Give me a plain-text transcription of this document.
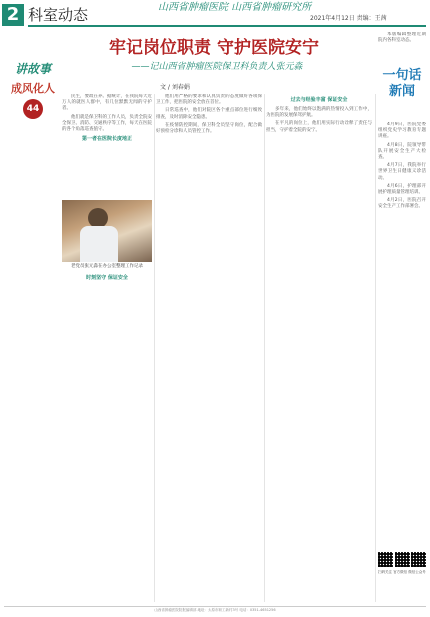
2 科室动态	山西省肿瘤医院 山西省肿瘤研究所
2021年4月12日 责编：王茜
讲故事
成风化人
44
牢记岗位职责 守护医院安宁
——记山西省肿瘤医院保卫科负责人张元淼
文 / 刘春娟

民生，要政在养。据统计，在我院每天近万人的就医人群中，有几位默默无闻的守护者。

他们就是保卫科的工作人员，负责全院安全保卫、消防、交通秩序等工作，每天在医院的各个角落巡查值守。

第一者在医院长度地正
老党员张元淼在办公室整理工作记录
时刻坚守 保证安全

他们用严格的要求和认真负责的态度做好各项保卫工作，把医院的安全放在首位。

日常巡查中，他们对院区各个重点部位进行细致排查，及时消除安全隐患。

在疫情防控期间，保卫科全员坚守岗位，配合做好预检分诊和人员管控工作。

过去与经验丰富 保证安全

多年来，他们始终以饱满的热情投入到工作中，为医院的发展保驾护航。

在平凡的岗位上，他们用实际行动诠释了责任与担当，守护着全院的安宁。

本版编辑整理近期院内各科室动态。

一句话新闻

4月9日，医院党委组织党史学习教育专题讲座。

4月8日，院领导带队开展安全生产大检查。

4月7日，我院举行世界卫生日健康义诊活动。

4月6日，护理部开展护理质量管理培训。

4月2日，医院召开安全生产工作部署会。

扫码关注 官方微信 微信公众号
山西省肿瘤医院院报编辑部 地址：太原市职工新村3号 电话：0351-4651256
